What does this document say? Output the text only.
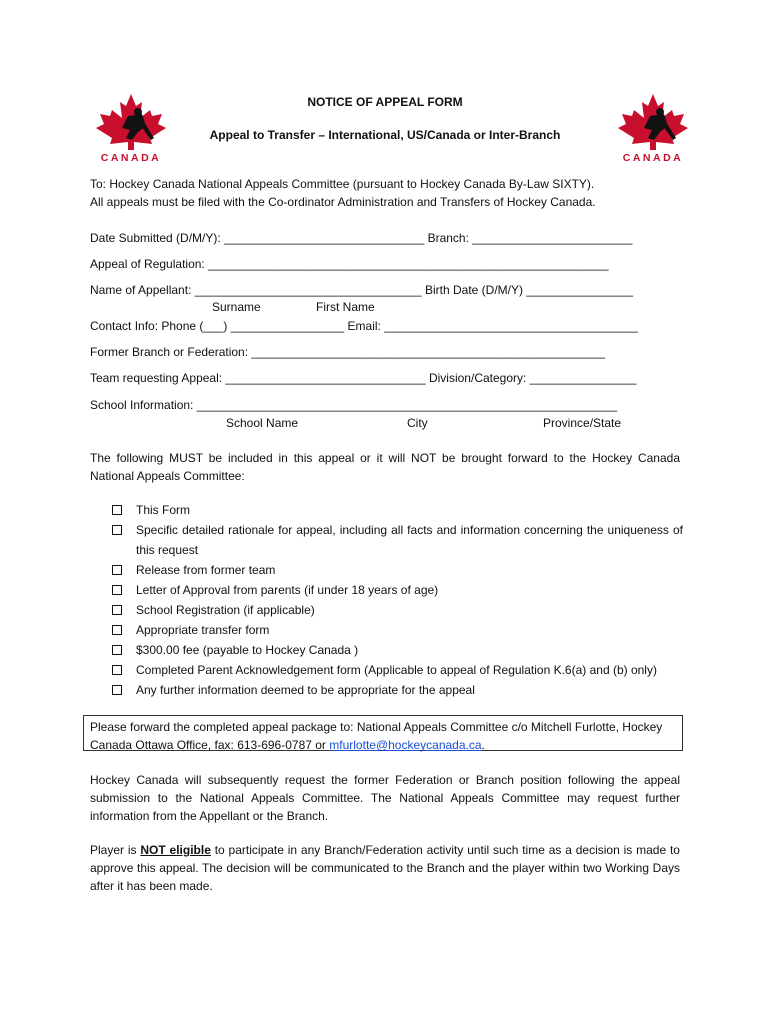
CANADA	CANADA
NOTICE OF APPEAL FORM
Appeal to Transfer – International, US/Canada or Inter-Branch
To: Hockey Canada National Appeals Committee (pursuant to Hockey Canada By-Law SIXTY).
All appeals must be filed with the Co-ordinator Administration and Transfers of Hockey Canada.
Date Submitted (D/M/Y): ______________________________ Branch: ________________________
Appeal of Regulation: ____________________________________________________________
Name of Appellant: __________________________________ Birth Date (D/M/Y) ________________
Surname	First Name
Contact Info: Phone (___) _________________ Email: ______________________________________
Former Branch or Federation: _____________________________________________________
Team requesting Appeal: ______________________________ Division/Category: ________________
School Information: _______________________________________________________________
School Name	City	Province/State
The following MUST be included in this appeal or it will NOT be brought forward to the Hockey Canada National Appeals Committee:
This Form
Specific detailed rationale for appeal, including all facts and information concerning the uniqueness of this request
Release from former team
Letter of Approval from parents (if under 18 years of age)
School Registration (if applicable)
Appropriate transfer form
$300.00 fee (payable to Hockey Canada )
Completed Parent Acknowledgement form (Applicable to appeal of Regulation K.6(a) and (b) only)
Any further information deemed to be appropriate for the appeal
Please forward the completed appeal package to: National Appeals Committee c/o Mitchell Furlotte, Hockey Canada Ottawa Office, fax: 613-696-0787 or mfurlotte@hockeycanada.ca.
Hockey Canada will subsequently request the former Federation or Branch position following the appeal submission to the National Appeals Committee. The National Appeals Committee may request further information from the Appellant or the Branch.
Player is NOT eligible to participate in any Branch/Federation activity until such time as a decision is made to approve this appeal. The decision will be communicated to the Branch and the player within two Working Days after it has been made.
